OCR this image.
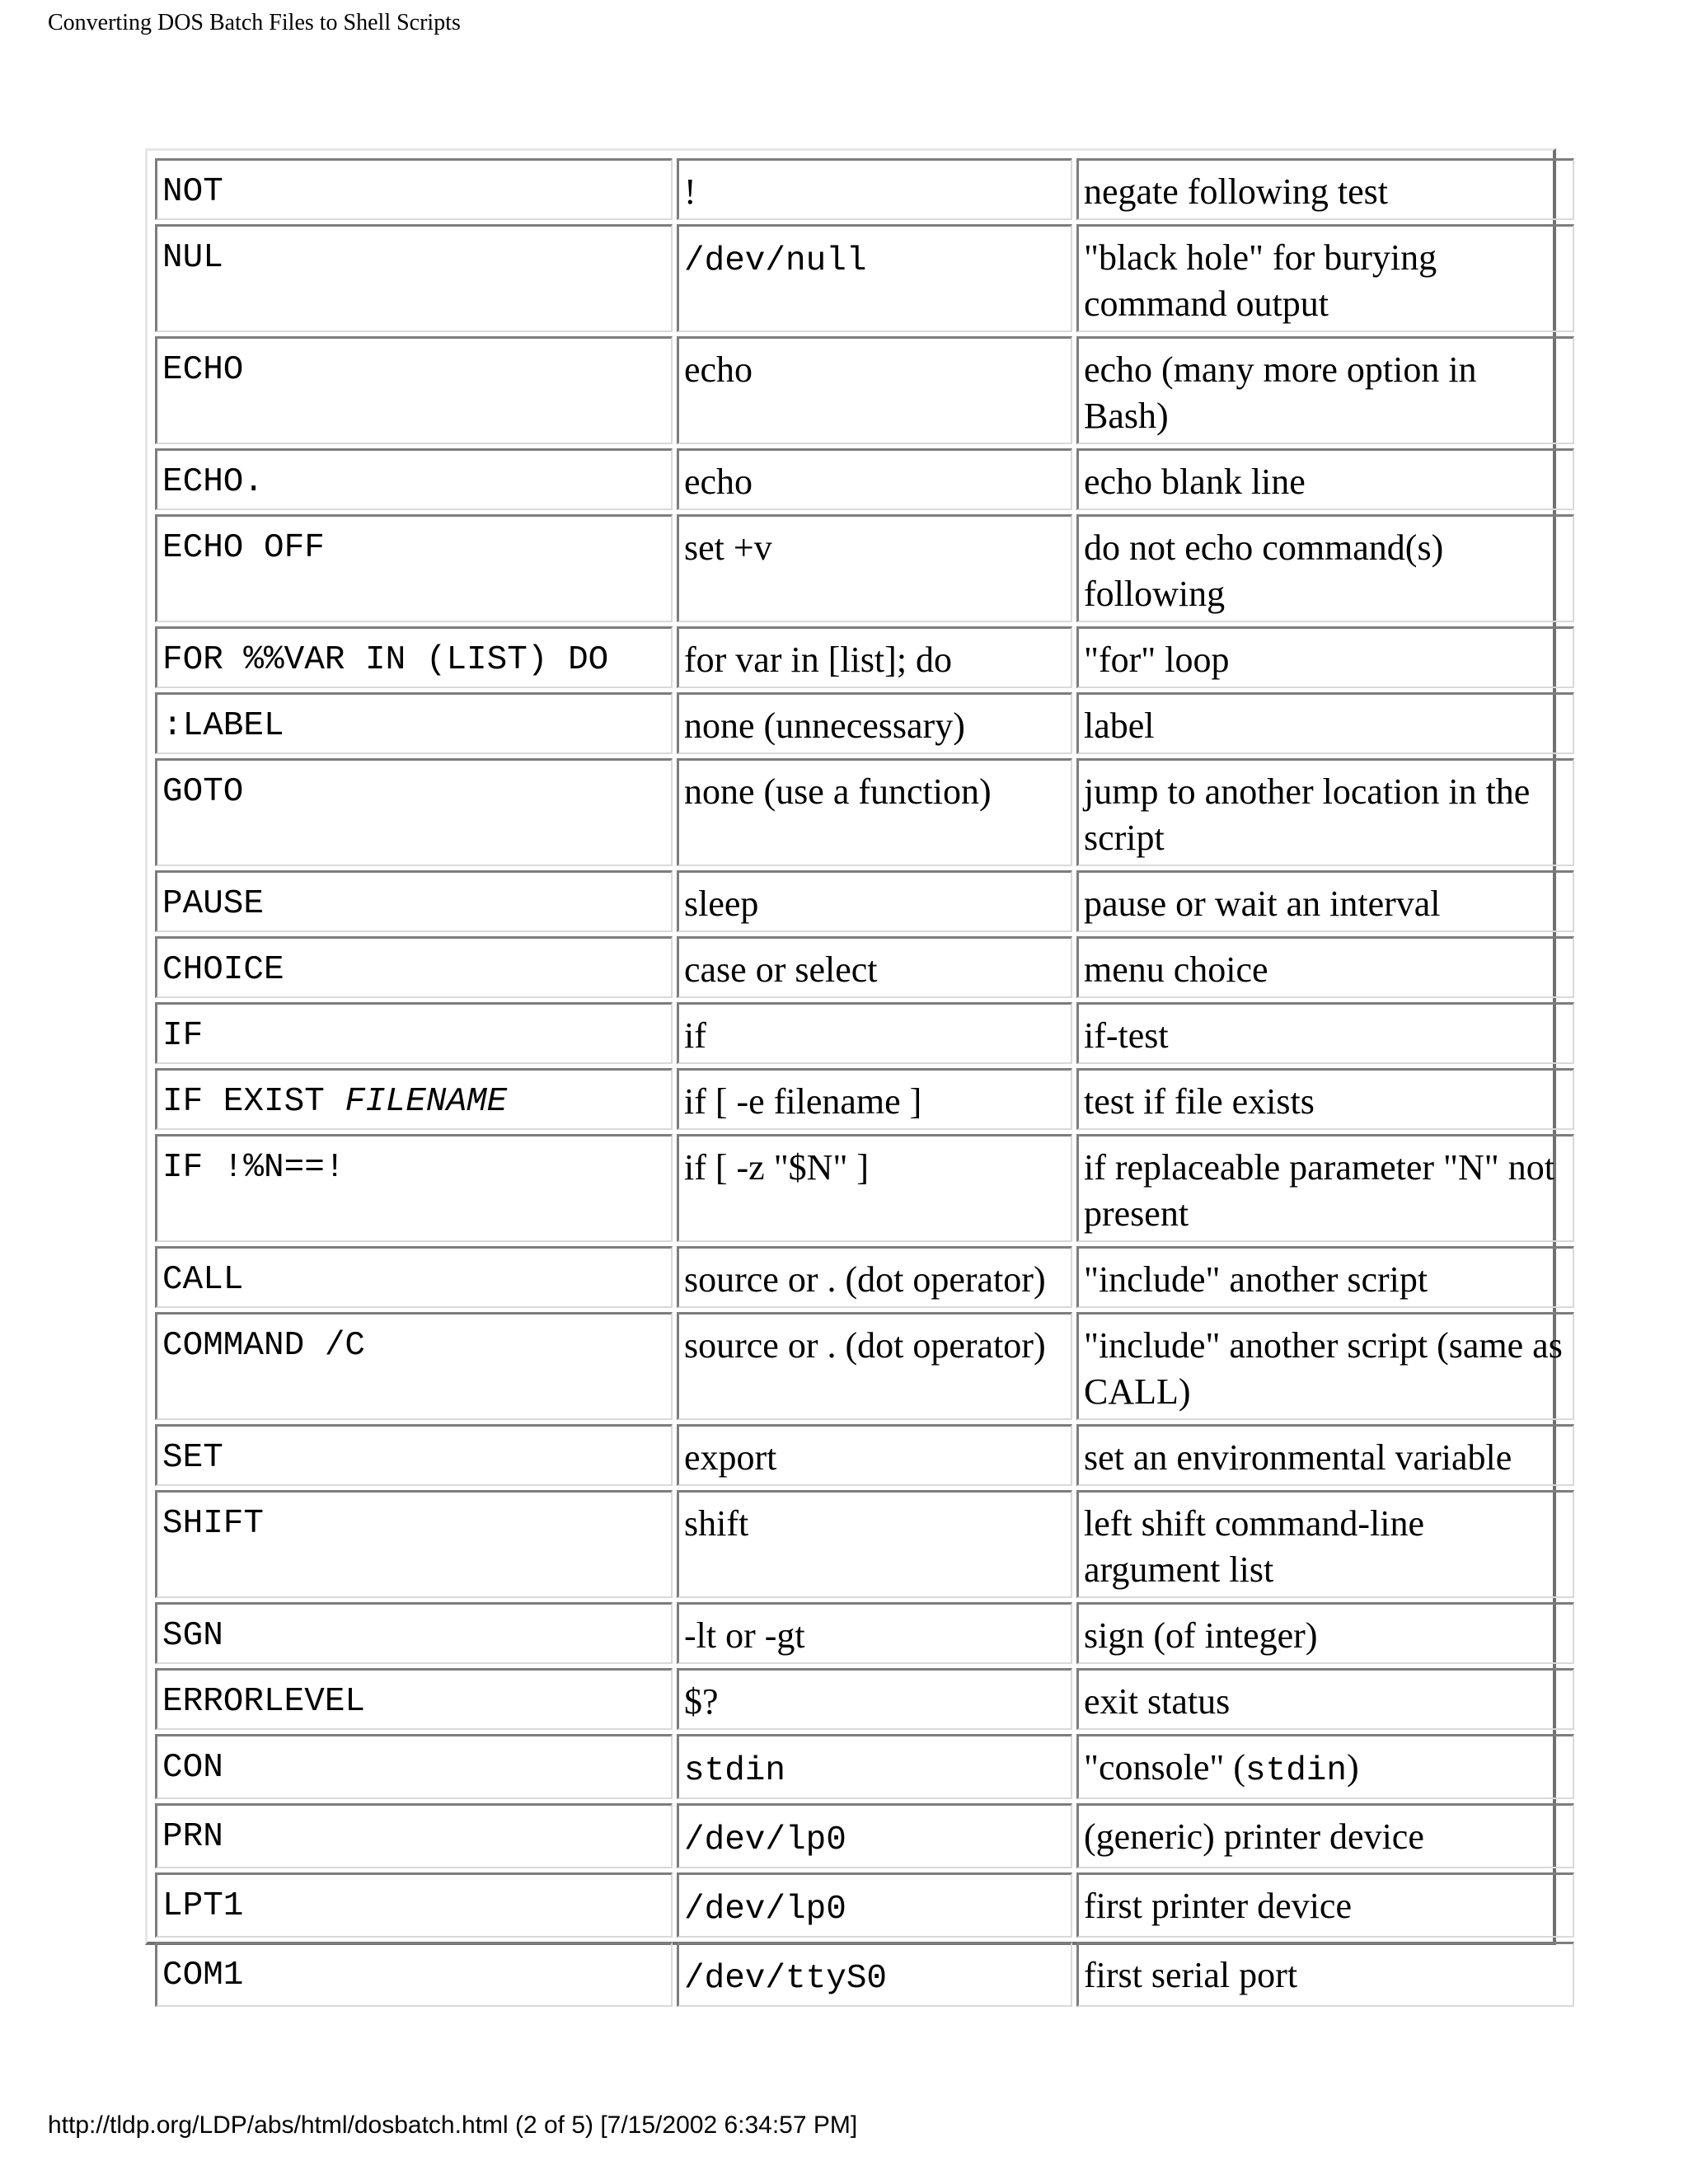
Converting DOS Batch Files to Shell Scripts
NOT	!	negate following test
NUL	/dev/null	"black hole" for burying command output
ECHO	echo	echo (many more option in Bash)
ECHO.	echo	echo blank line
ECHO OFF	set +v	do not echo command(s) following
FOR %%VAR IN (LIST) DO	for var in [list]; do	"for" loop
:LABEL	none (unnecessary)	label
GOTO	none (use a function)	jump to another location in the script
PAUSE	sleep	pause or wait an interval
CHOICE	case or select	menu choice
IF	if	if-test
IF EXIST FILENAME	if [ -e filename ]	test if file exists
IF !%N==!	if [ -z "$N" ]	if replaceable parameter "N" not present
CALL	source or . (dot operator)	"include" another script
COMMAND /C	source or . (dot operator)	"include" another script (same as CALL)
SET	export	set an environmental variable
SHIFT	shift	left shift command-line argument list
SGN	-lt or -gt	sign (of integer)
ERRORLEVEL	$?	exit status
CON	stdin	"console" (stdin)
PRN	/dev/lp0	(generic) printer device
LPT1	/dev/lp0	first printer device
COM1	/dev/ttyS0	first serial port
http://tldp.org/LDP/abs/html/dosbatch.html (2 of 5) [7/15/2002 6:34:57 PM]
